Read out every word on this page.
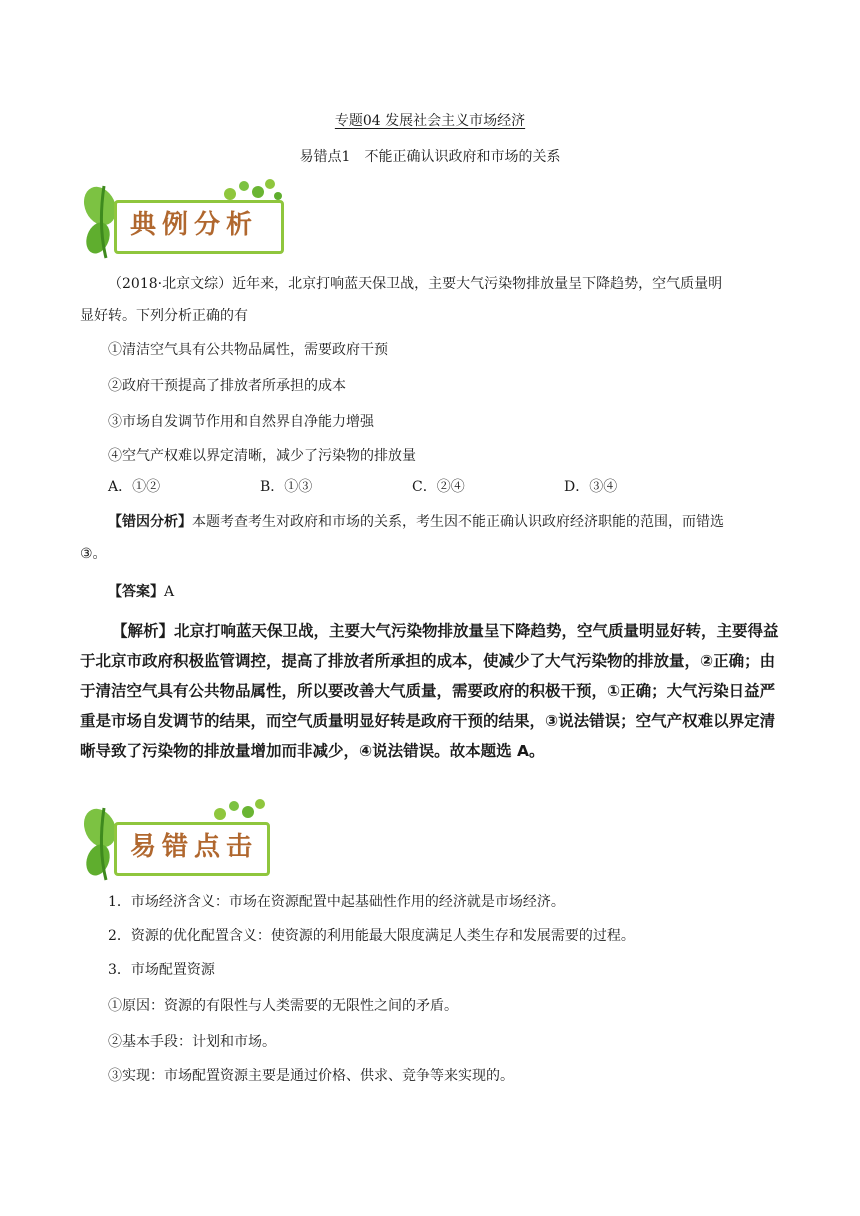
专题04 发展社会主义市场经济
易错点1　不能正确认识政府和市场的关系
典例分析
（2018·北京文综）近年来，北京打响蓝天保卫战，主要大气污染物排放量呈下降趋势，空气质量明
显好转。下列分析正确的有
①清洁空气具有公共物品属性，需要政府干预
②政府干预提高了排放者所承担的成本
③市场自发调节作用和自然界自净能力增强
④空气产权难以界定清晰，减少了污染物的排放量
A．①②	B．①③	C．②④	D．③④
【错因分析】本题考查考生对政府和市场的关系，考生因不能正确认识政府经济职能的范围，而错选
③。
【答案】A
【解析】北京打响蓝天保卫战，主要大气污染物排放量呈下降趋势，空气质量明显好转，主要得益于北京市政府积极监管调控，提高了排放者所承担的成本，使减少了大气污染物的排放量，②正确；由于清洁空气具有公共物品属性，所以要改善大气质量，需要政府的积极干预，①正确；大气污染日益严重是市场自发调节的结果，而空气质量明显好转是政府干预的结果，③说法错误；空气产权难以界定清晰导致了污染物的排放量增加而非减少，④说法错误。故本题选 A。
易错点击
1．市场经济含义：市场在资源配置中起基础性作用的经济就是市场经济。
2．资源的优化配置含义：使资源的利用能最大限度满足人类生存和发展需要的过程。
3．市场配置资源
①原因：资源的有限性与人类需要的无限性之间的矛盾。
②基本手段：计划和市场。
③实现：市场配置资源主要是通过价格、供求、竞争等来实现的。
